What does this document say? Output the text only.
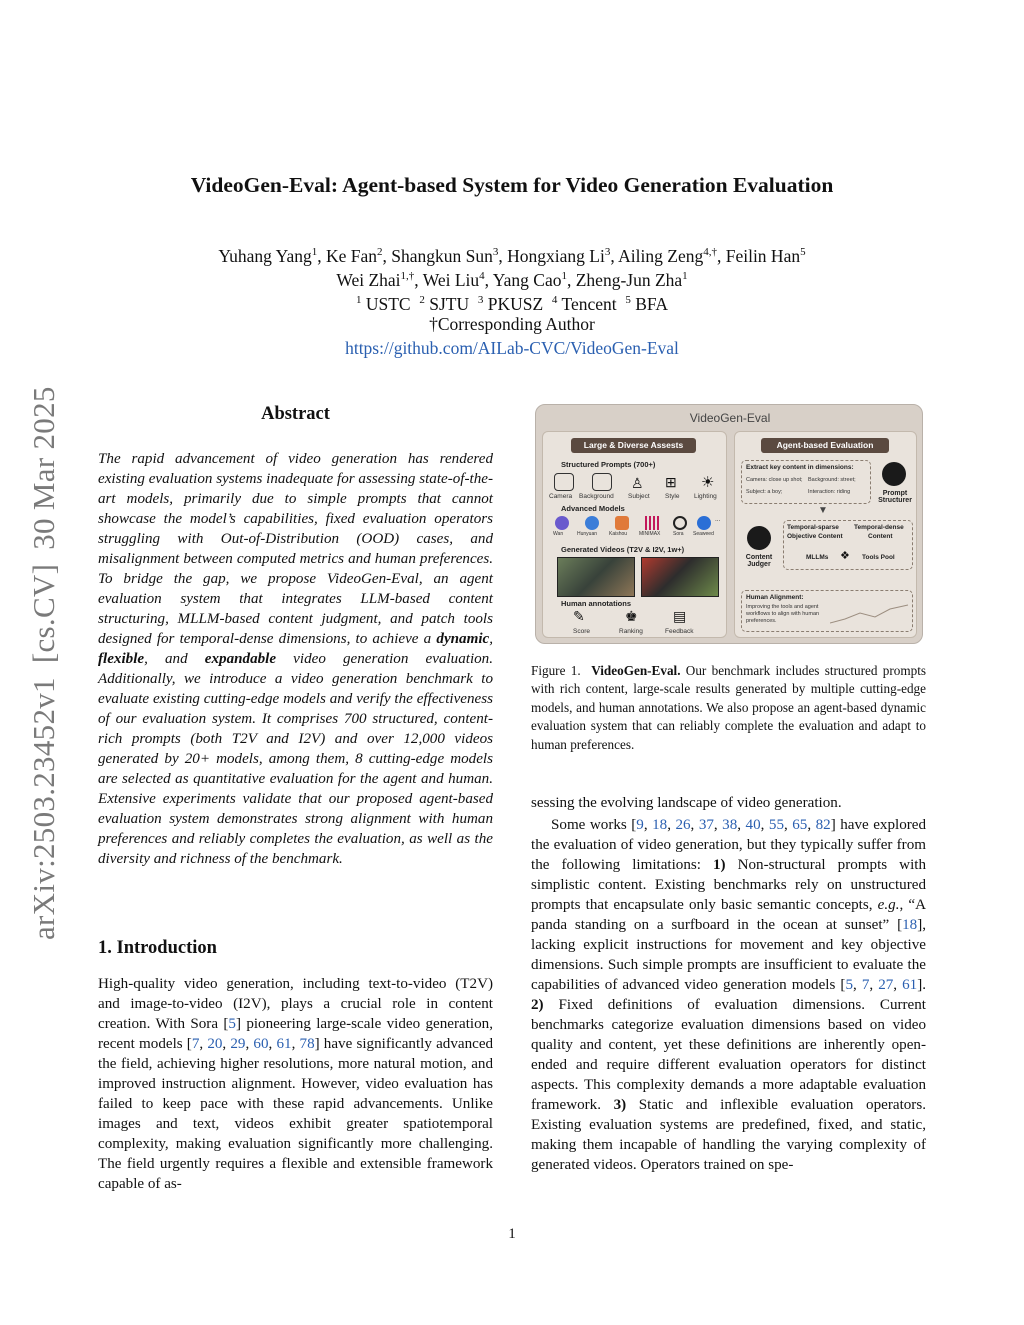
arXiv:2503.23452v1[cs.CV]30 Mar 2025
VideoGen-Eval: Agent-based System for Video Generation Evaluation
Yuhang Yang$^1$, Ke Fan$^2$, Shangkun Sun$^3$, Hongxiang Li$^3$, Ailing Zeng$^{4,\dagger}$, Feilin Han$^5$
Wei Zhai$^{1,\dagger}$, Wei Liu$^4$, Yang Cao$^1$, Zheng-Jun Zha$^1$
$^1$ USTC $^2$ SJTU $^3$ PKUSZ $^4$ Tencent $^5$ BFA
†Corresponding Author
https://github.com/AILab-CVC/VideoGen-Eval
Abstract
The rapid advancement of video generation has rendered existing evaluation systems inadequate for assessing state-of-the-art models, primarily due to simple prompts that cannot showcase the model’s capabilities, fixed evaluation operators struggling with Out-of-Distribution (OOD) cases, and misalignment between computed metrics and human preferences. To bridge the gap, we propose VideoGen-Eval, an agent evaluation system that integrates LLM-based content structuring, MLLM-based content judgment, and patch tools designed for temporal-dense dimensions, to achieve a dynamic, flexible, and expandable video generation evaluation. Additionally, we introduce a video generation benchmark to evaluate existing cutting-edge models and verify the effectiveness of our evaluation system. It comprises 700 structured, content-rich prompts (both T2V and I2V) and over 12,000 videos generated by 20+ models, among them, 8 cutting-edge models are selected as quantitative evaluation for the agent and human. Extensive experiments validate that our proposed agent-based evaluation system demonstrates strong alignment with human preferences and reliably completes the evaluation, as well as the diversity and richness of the benchmark.
1. Introduction
High-quality video generation, including text-to-video (T2V) and image-to-video (I2V), plays a crucial role in content creation. With Sora [5] pioneering large-scale video generation, recent models [7, 20, 29, 60, 61, 78] have significantly advanced the field, achieving higher resolutions, more natural motion, and improved instruction alignment. However, video evaluation has failed to keep pace with these rapid advancements. Unlike images and text, videos exhibit greater spatiotemporal complexity, making evaluation significantly more challenging. The field urgently requires a flexible and extensible framework capable of as-
sessing the evolving landscape of video generation.
Some works [9, 18, 26, 37, 38, 40, 55, 65, 82] have explored the evaluation of video generation, but they typically suffer from the following limitations: 1) Non-structural prompts with simplistic content. Existing benchmarks rely on unstructured prompts that encapsulate only basic semantic concepts, e.g., “A panda standing on a surfboard in the ocean at sunset” [18], lacking explicit instructions for movement and key objective dimensions. Such simple prompts are insufficient to evaluate the capabilities of advanced video generation models [5, 7, 27, 61]. 2) Fixed definitions of evaluation dimensions. Current benchmarks categorize evaluation dimensions based on video quality and content, yet these definitions are inherently open-ended and require different evaluation operators for distinct aspects. This complexity demands a more adaptable evaluation framework. 3) Static and inflexible evaluation operators. Existing evaluation systems are predefined, fixed, and static, making them incapable of handling the varying complexity of generated videos. Operators trained on spe-
VideoGen-Eval
Large & Diverse Assests
Structured Prompts (700+)
♙ ⊞ ☀
Camera Background Subject Style Lighting
Advanced Models
...
Wan	Hunyuan Kaishou MINIMAX	Sora Seaweed
Generated Videos (T2V & I2V, 1w+)
Human annotations
✎	♚	▤
Score	Ranking	Feedback
Agent-based Evaluation
Extract key content in dimensions:
Camera: close up shot; Background: street;
Subject: a boy;	Interaction: riding	Prompt Structurer
▼
Temporal-sparse
Objective Content
Temporal-dense
Content
MLLMs ❖ Tools Pool
Content Judger
Human Alignment:
Improving the tools and agent workflows to align with human preferences.
Figure 1. VideoGen-Eval. Our benchmark includes structured prompts with rich content, large-scale results generated by multiple cutting-edge models, and human annotations. We also propose an agent-based dynamic evaluation system that can reliably complete the evaluation and adapt to human preferences.
1
